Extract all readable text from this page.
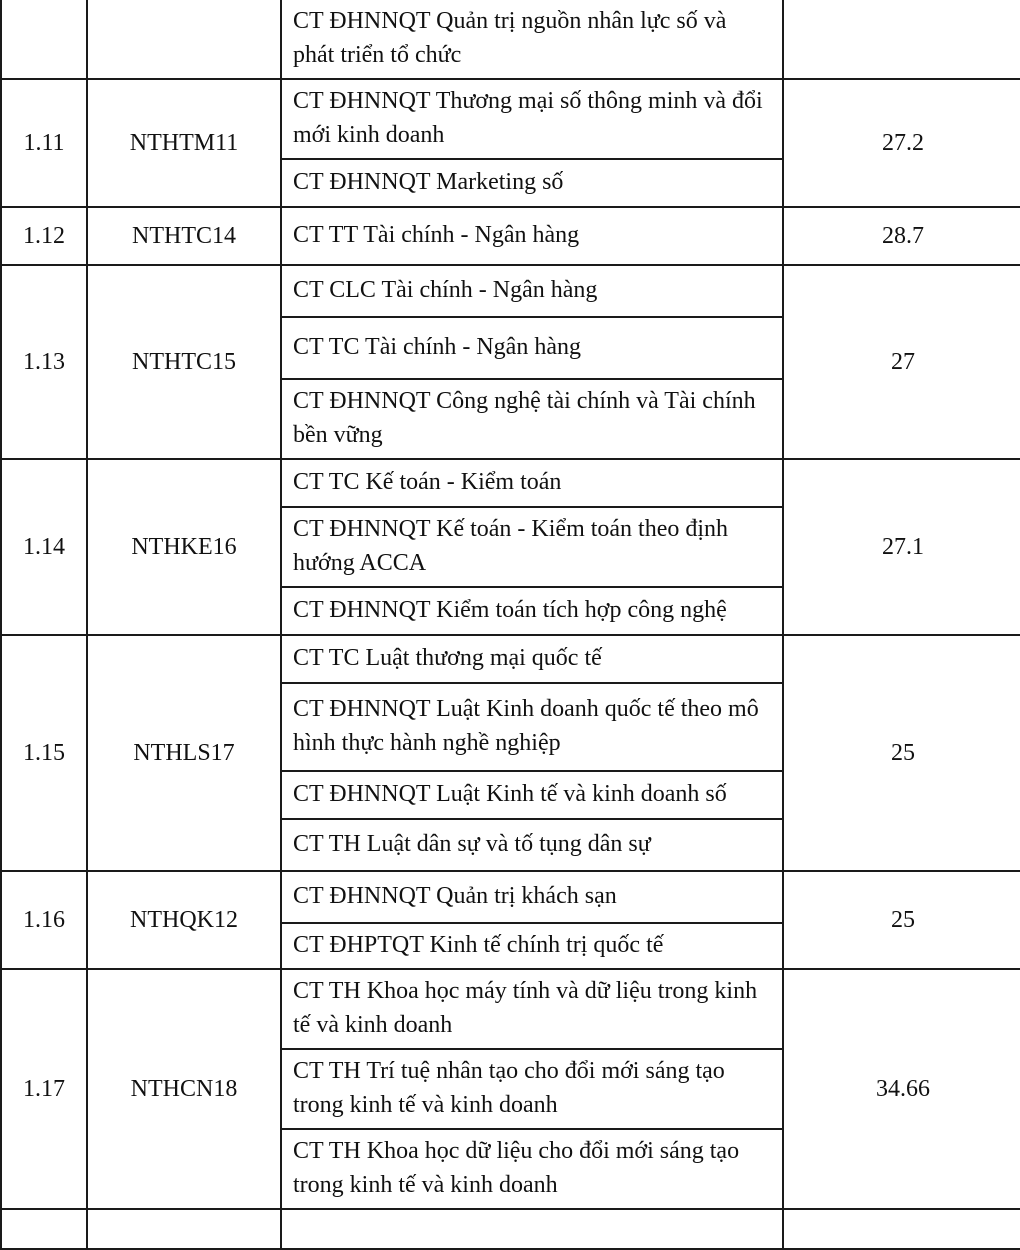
		CT ĐHNNQT Quản trị nguồn nhân lực số và phát triển tổ chức	
1.11	NTHTM11	CT ĐHNNQT Thương mại số thông minh và đổi mới kinh doanh	27.2
		CT ĐHNNQT Marketing số	
1.12	NTHTC14	CT TT Tài chính - Ngân hàng	28.7
1.13	NTHTC15	CT CLC Tài chính - Ngân hàng	27
		CT TC Tài chính - Ngân hàng	
		CT ĐHNNQT Công nghệ tài chính và Tài chính bền vững	
1.14	NTHKE16	CT TC Kế toán - Kiểm toán	27.1
		CT ĐHNNQT Kế toán - Kiểm toán theo định hướng ACCA	
		CT ĐHNNQT Kiểm toán tích hợp công nghệ	
1.15	NTHLS17	CT TC Luật thương mại quốc tế	25
		CT ĐHNNQT Luật Kinh doanh quốc tế theo mô hình thực hành nghề nghiệp	
		CT ĐHNNQT Luật Kinh tế và kinh doanh số	
		CT TH Luật dân sự và tố tụng dân sự	
1.16	NTHQK12	CT ĐHNNQT Quản trị khách sạn	25
		CT ĐHPTQT Kinh tế chính trị quốc tế	
1.17	NTHCN18	CT TH Khoa học máy tính và dữ liệu trong kinh tế và kinh doanh	34.66
		CT TH Trí tuệ nhân tạo cho đổi mới sáng tạo trong kinh tế và kinh doanh	
		CT TH Khoa học dữ liệu cho đổi mới sáng tạo trong kinh tế và kinh doanh	
